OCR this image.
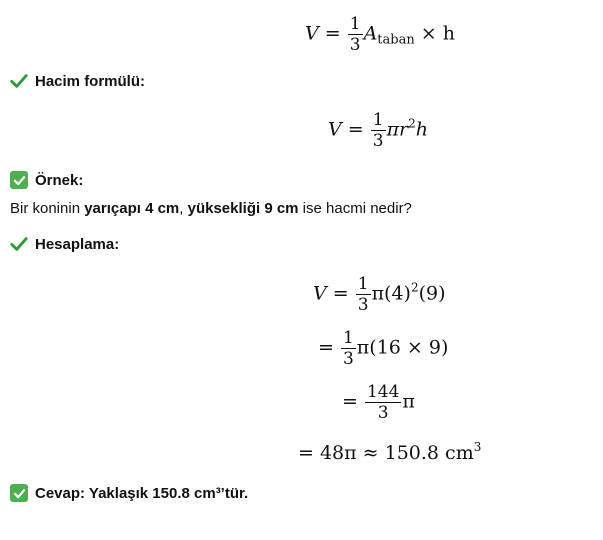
$V = \frac{1}{3} A_{taban} \times h$
Hacim formülü:
$V = \frac{1}{3} \pi r^2h$
Örnek:
Bir koninin yarıçapı 4 cm, yüksekliği 9 cm ise hacmi nedir?
Hesaplama:
$V = \frac{1}{3} \pi(4)^2(9)$
= $\frac{1}{3} \pi(16 \times 9)$
= $\frac{144}{3}$ π
= 48π ≈ 150.8 $cm^3$
Cevap: Yaklaşık 150.8 cm³’tür.
